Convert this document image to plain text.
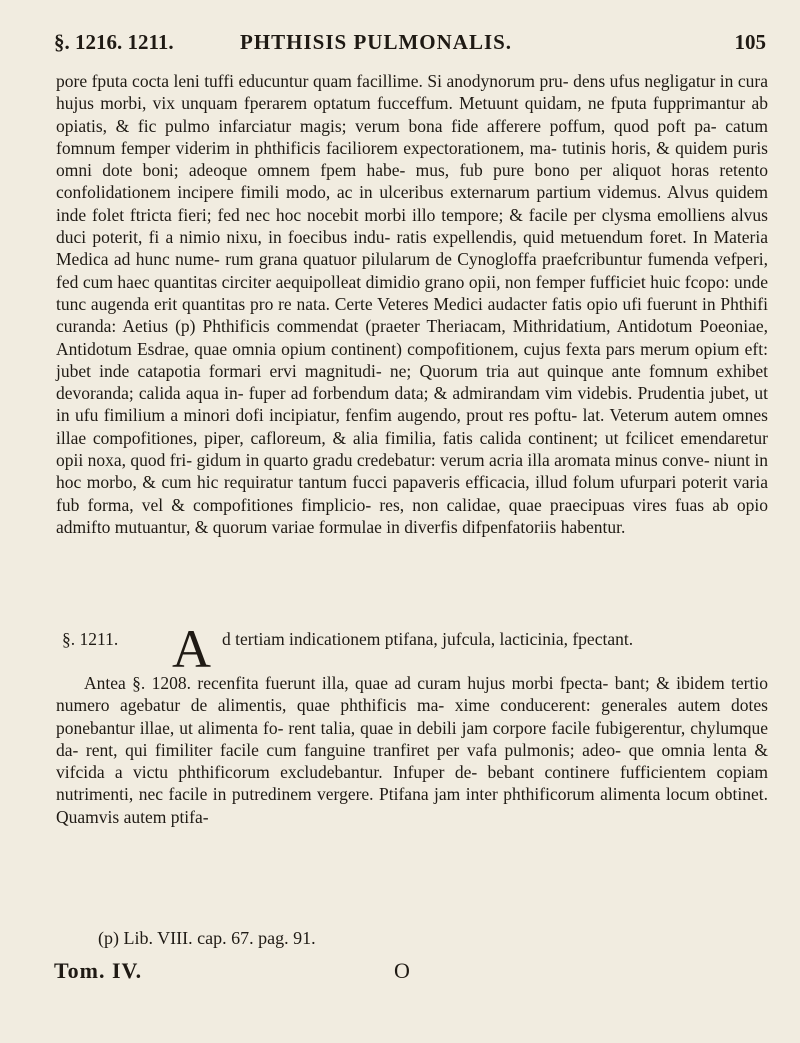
§. 1216. 1211.	PHTHISIS PULMONALIS.	105

pore fputa cocta leni tuffi educuntur quam facillime. Si anodynorum pru- dens ufus negligatur in cura hujus morbi, vix unquam fperarem optatum fucceffum. Metuunt quidam, ne fputa fupprimantur ab opiatis, & fic pulmo infarciatur magis; verum bona fide afferere poffum, quod poft pa- catum fomnum femper viderim in phthificis faciliorem expectorationem, ma- tutinis horis, & quidem puris omni dote boni; adeoque omnem fpem habe- mus, fub pure bono per aliquot horas retento confolidationem incipere fimili modo, ac in ulceribus externarum partium videmus. Alvus quidem inde folet ftricta fieri; fed nec hoc nocebit morbi illo tempore; & facile per clysma emolliens alvus duci poterit, fi a nimio nixu, in foecibus indu- ratis expellendis, quid metuendum foret. In Materia Medica ad hunc nume- rum grana quatuor pilularum de Cynogloffa praefcribuntur fumenda vefperi, fed cum haec quantitas circiter aequipolleat dimidio grano opii, non femper fufficiet huic fcopo: unde tunc augenda erit quantitas pro re nata. Certe Veteres Medici audacter fatis opio ufi fuerunt in Phthifi curanda: Aetius (p) Phthificis commendat (praeter Theriacam, Mithridatium, Antidotum Poeoniae, Antidotum Esdrae, quae omnia opium continent) compofitionem, cujus fexta pars merum opium eft: jubet inde catapotia formari ervi magnitudi- ne; Quorum tria aut quinque ante fomnum exhibet devoranda; calida aqua in- fuper ad forbendum data; & admirandam vim videbis. Prudentia jubet, ut in ufu fimilium a minori dofi incipiatur, fenfim augendo, prout res poftu- lat. Veterum autem omnes illae compofitiones, piper, cafloreum, & alia fimilia, fatis calida continent; ut fcilicet emendaretur opii noxa, quod fri- gidum in quarto gradu credebatur: verum acria illa aromata minus conve- niunt in hoc morbo, & cum hic requiratur tantum fucci papaveris efficacia, illud folum ufurpari poterit varia fub forma, vel & compofitiones fimplicio- res, non calidae, quae praecipuas vires fuas ab opio admifto mutuantur, & quorum variae formulae in diverfis difpenfatoriis habentur.

§. 1211. A d tertiam indicationem ptifana, jufcula, lacticinia, fpectant.

Antea §. 1208. recenfita fuerunt illa, quae ad curam hujus morbi fpecta- bant; & ibidem tertio numero agebatur de alimentis, quae phthificis ma- xime conducerent: generales autem dotes ponebantur illae, ut alimenta fo- rent talia, quae in debili jam corpore facile fubigerentur, chylumque da- rent, qui fimiliter facile cum fanguine tranfiret per vafa pulmonis; adeo- que omnia lenta & vifcida a victu phthificorum excludebantur. Infuper de- bebant continere fufficientem copiam nutrimenti, nec facile in putredinem vergere. Ptifana jam inter phthificorum alimenta locum obtinet. Quamvis autem ptifa-

(p) Lib. VIII. cap. 67. pag. 91.
Tom. IV.	O
